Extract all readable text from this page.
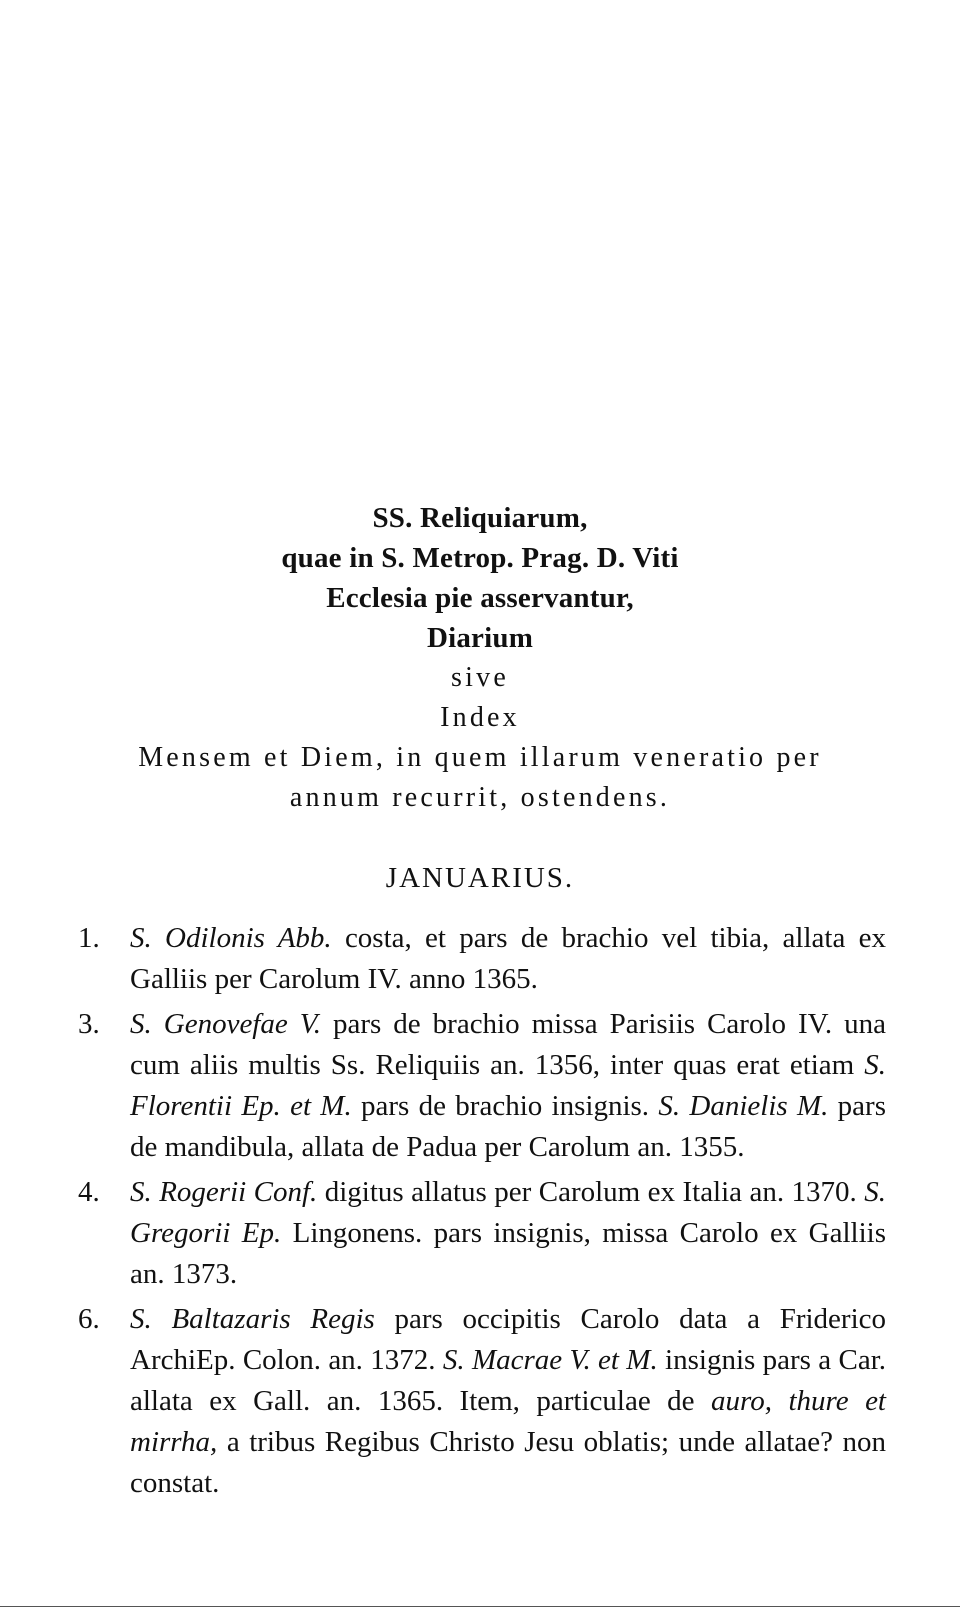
SS. Reliquiarum,
quae in S. Metrop. Prag. D. Viti
Ecclesia pie asservantur,
Diarium
sive
Index
Mensem et Diem, in quem illarum veneratio per
annum recurrit, ostendens.
JANUARIUS.
1.	S. Odilonis Abb. costa, et pars de brachio vel tibia, allata ex Galliis per Carolum IV. anno 1365.
3.	S. Genovefae V. pars de brachio missa Parisiis Carolo IV. una cum aliis multis Ss. Reliquiis an. 1356, inter quas erat etiam S. Florentii Ep. et M. pars de brachio insignis. S. Danielis M. pars de mandibula, allata de Padua per Carolum an. 1355.
4.	S. Rogerii Conf. digitus allatus per Carolum ex Italia an. 1370. S. Gregorii Ep. Lingonens. pars insignis, missa Carolo ex Galliis an. 1373.
6.	S. Baltazaris Regis pars occipitis Carolo data a Friderico ArchiEp. Colon. an. 1372. S. Macrae V. et M. insignis pars a Car. allata ex Gall. an. 1365. Item, particulae de auro, thure et mirrha, a tribus Regibus Christo Jesu oblatis; unde allatae? non constat.
